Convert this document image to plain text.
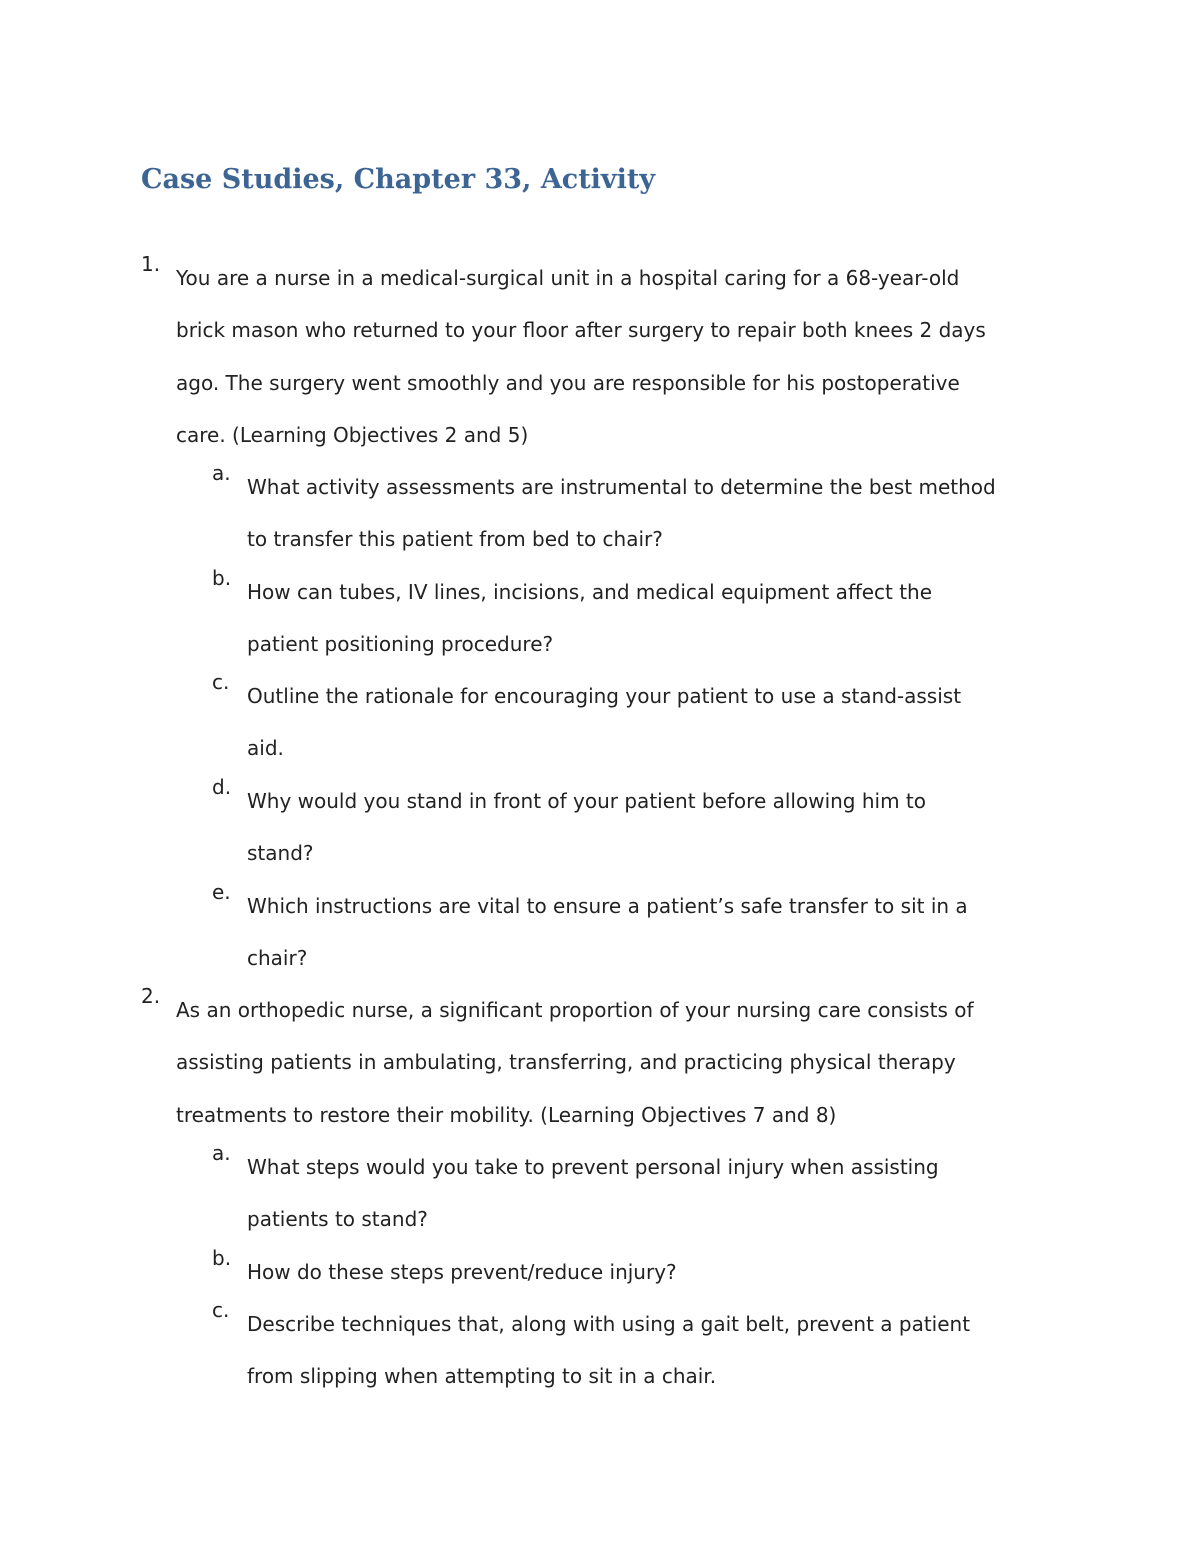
Case Studies, Chapter 33, Activity
1.
You are a nurse in a medical-surgical unit in a hospital caring for a 68-year-old
brick mason who returned to your floor after surgery to repair both knees 2 days
ago. The surgery went smoothly and you are responsible for his postoperative
care. (Learning Objectives 2 and 5)
a.
What activity assessments are instrumental to determine the best method
to transfer this patient from bed to chair?
b.
How can tubes, IV lines, incisions, and medical equipment affect the
patient positioning procedure?
c.
Outline the rationale for encouraging your patient to use a stand-assist
aid.
d.
Why would you stand in front of your patient before allowing him to
stand?
e.
Which instructions are vital to ensure a patient’s safe transfer to sit in a
chair?
2.
As an orthopedic nurse, a significant proportion of your nursing care consists of
assisting patients in ambulating, transferring, and practicing physical therapy
treatments to restore their mobility. (Learning Objectives 7 and 8)
a.
What steps would you take to prevent personal injury when assisting
patients to stand?
b.
How do these steps prevent/reduce injury?
c.
Describe techniques that, along with using a gait belt, prevent a patient
from slipping when attempting to sit in a chair.
